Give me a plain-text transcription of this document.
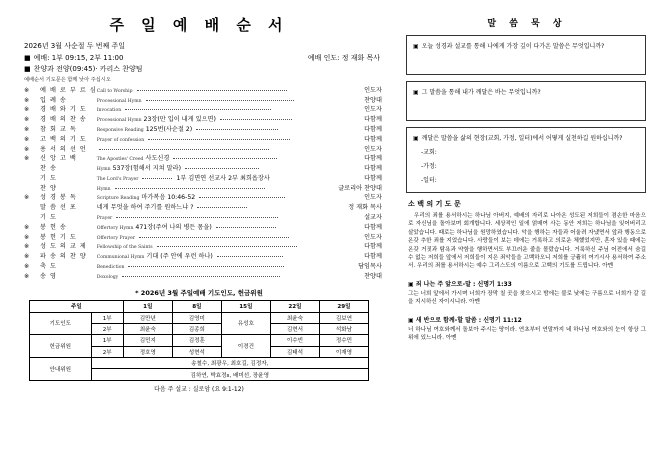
주 일 예 배 순 서
2026년 3월 사순절 두 번째 주일
■ 예배: 1부 09:15, 2부 11:00	예배 인도: 정 재화 목사
■ 찬양과 전양(09:45)· 카리스 찬양팀
예배순서 기도문은 함께 낮아 주십시오
※	예 배 로 부 르 심	Call to Worship	인도자
※	입 례 송	Processional Hymn	찬양대
※	경 배 와 기 도	Invocation	인도자
※	경 배 의 찬 송	Processional Hymn 23장(만 입이 내게 있으면)	다함께
※	참 회 교 독	Responsive Reading 125번(사순절 2)	다함께
※	고 백 의 기 도	Prayer of confession	다함께
※	용 서 의 선 언		인도자
※	신 앙 고 백	The Apostles' Creed 사도신경	다함께
	찬 송	Hymn 537장(험해서 지쳐 말라)	다함께
	기 도	The Lord's Prayer 1부 김면연 선교사 2부 최희옵장사	다함께
	찬 양	Hymn	글로리아 찬양대
※	성 경 봉 독	Scripture Reading 마가복음 10:46-52	인도자
	말 씀 선 포	네게 무엇을 하여 주기를 원하느냐 ?	정 재화 목사
	기 도	Prayer	설교자
※	봉 헌 송	Offertory Hymn 471장(주여 나의 병든 몸을)	다함께
※	봉 헌 기 도	Offertory Prayer	인도자
※	성 도 의 교 제	Fellowship of the Saints	다함께
※	파 송 의 찬 양	Communional Hymn 기대 (주 안에 우런 하나)	다함께
※	축 도	Benediction	담임목사
※	송 영	Doxology	찬양대
* 2026년 3월 주일예배 기도인도, 헌금위원
주일		1일	8일	15일	22일	29일
기도인도	1부	김만년	김영미	유성호	최윤숙	김보연
	2부	최윤숙	김종희		김현서	석화남
헌금위원	1부	김민지	김정훈	이경건	이수빈	정수민
	2부	정호영	성현석		김태석	이재영
안내위원	송철수, 최광우, 최호길, 김정자,					
	김하연, 박효정s, 배미선, 장윤영					
다음 주 설교 : 실로암 (요 9:1-12)
말 씀 묵 상
▣ 오늘 성경과 설교를 통해 나에게 가장 깊이 다가온 말씀은 무엇입니까?
▣ 그 말씀을 통해 내가 깨달은 바는 무엇입니까?
▣ 깨달은 말씀을 삶의 현장(교회, 가정, 일터)에서 어떻게 실천하길 원하십니까?
-교회:
-가정:
-일터:
소 백 의 기 도 문
우리의 죄를 용서하시는 하나님 아버지, 예배의 자리로 나아온 성도된 저희들이 겸손한 마음으로 자신님을 돌아보며 회개합니다. 세상적인 일에 얽매여 사는 동안 저희는 하나님을 잊어버리고 살았습니다. 때로는 하나님을 원망하였습니다. 악을 행하는 자들과 어울려 자냈면서 앞과 행동으로 온갖 추한 죄를 지었습니다. 사랑들이 보는 데에는 거록하고 의로운 체했었지만, 혼자 있을 때에는 온갖 거짓과 탐욕과 약함을 행하면서도 부끄러운 줄을 몰랐습니다. 거룩하신 주님 어전에서 숨길 수 없는 저희들 앞에서 저희들이 지은 죄악들을 고백하오니 저희를 긍휼히 여기시사 용서하여 주소서. 우리의 죄를 용서하시는 예수 그리스도의 이름으로 고백의 기도를 드립니다. 아멘
▣ 죄 나는 주 앞으로-말 : 신명기 1:33
그는 너희 앞에서 가시며 너희가 장막 칠 곳을 찾으시고 밤에는 불로 낮에는 구름으로 너희가 갈 길을 지시하신 자이시니라. 아멘
▣ 새 반으로 함께-할 말씀 : 신명기 11:12
너 하나님 여호와께서 돌보아 주시는 땅이라. 연초부터 연말까지 네 하나님 여호와의 눈이 항상 그 위에 있느니라. 아멘
